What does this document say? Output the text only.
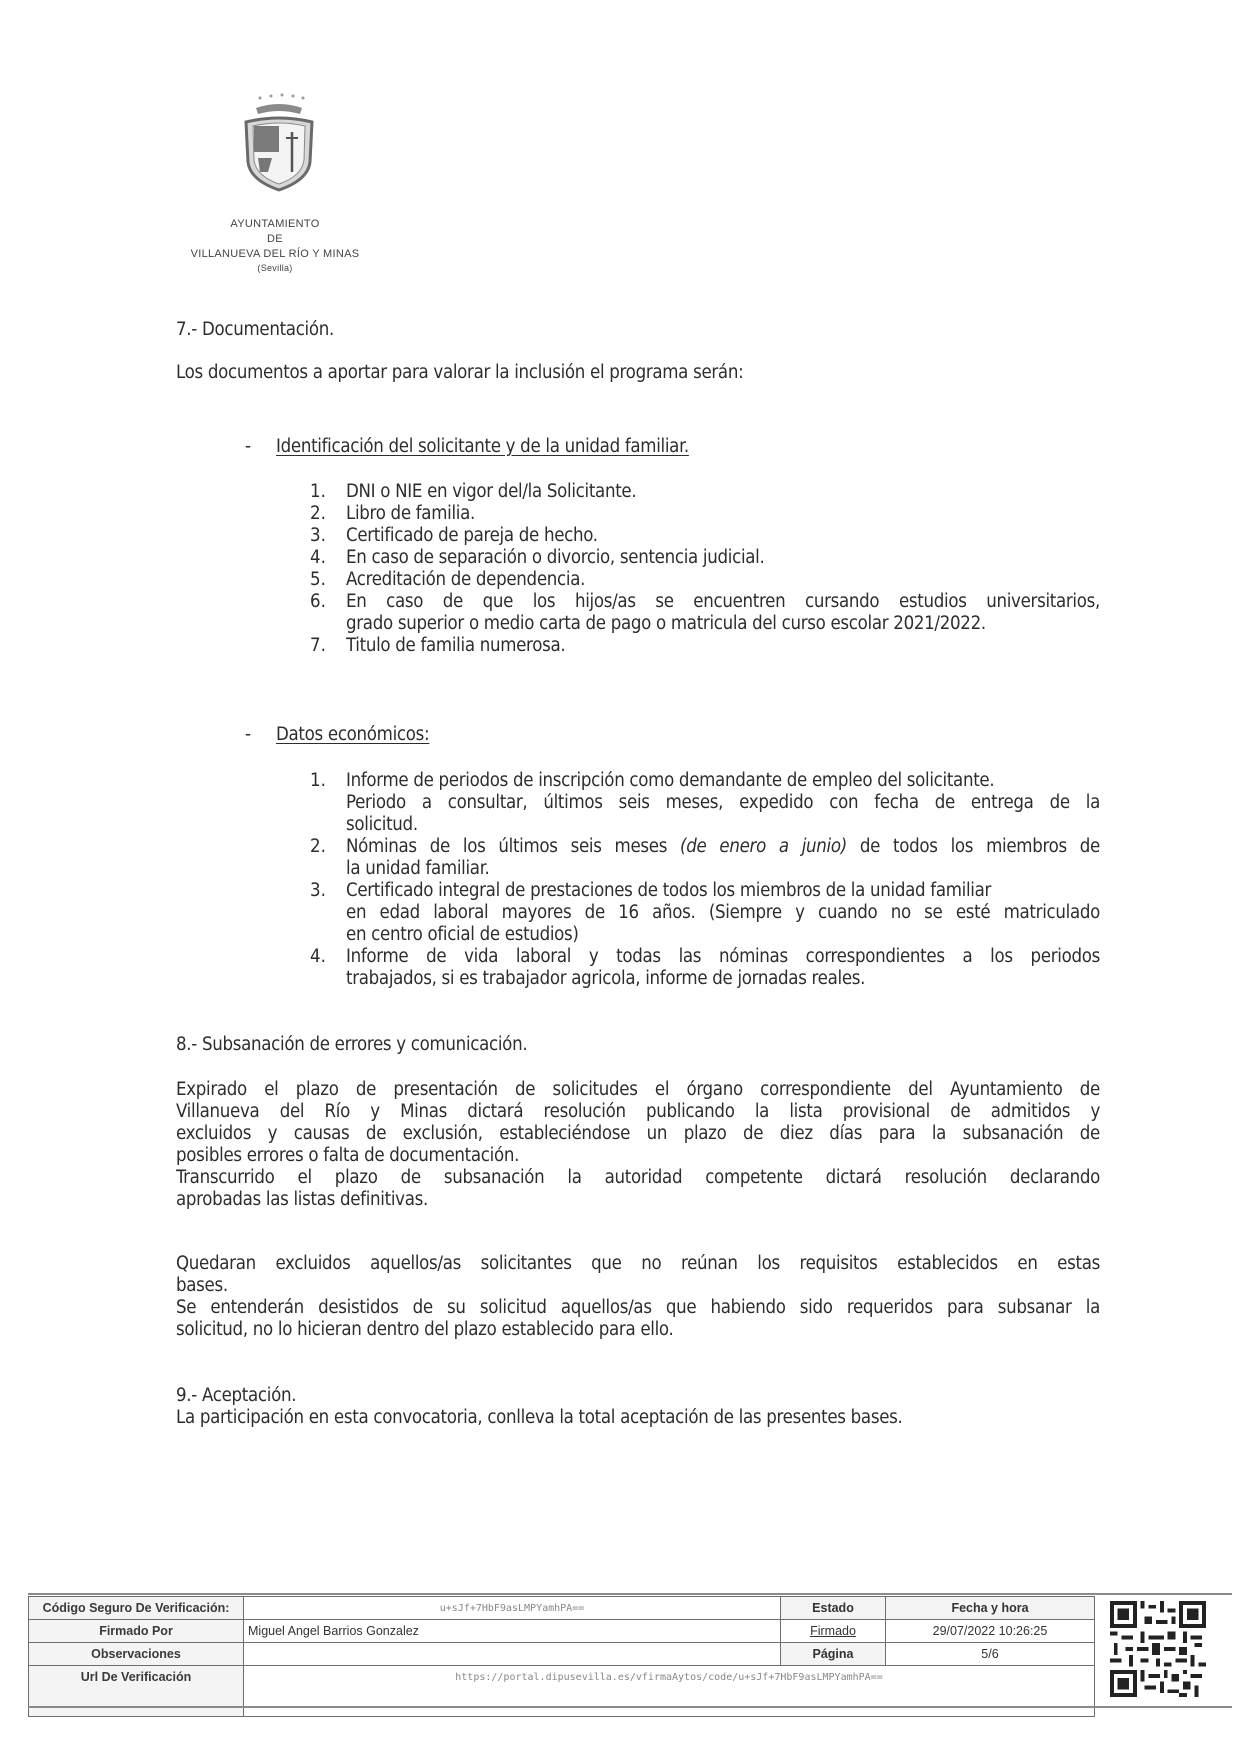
AYUNTAMIENTO
DE
VILLANUEVA DEL RÍO Y MINAS
(Sevilla)
7.- Documentación.
Los documentos a aportar para valorar la inclusión el programa serán:
- Identificación del solicitante y de la unidad familiar.
1. DNI o NIE en vigor del/la Solicitante.
2. Libro de familia.
3. Certificado de pareja de hecho.
4. En caso de separación o divorcio, sentencia judicial.
5. Acreditación de dependencia.
6. En caso de que los hijos/as se encuentren cursando estudios universitarios,
grado superior o medio carta de pago o matricula del curso escolar 2021/2022.
7. Titulo de familia numerosa.
- Datos económicos:
1. Informe de periodos de inscripción como demandante de empleo del solicitante.
Periodo a consultar, últimos seis meses, expedido con fecha de entrega de la
solicitud.
2. Nóminas de los últimos seis meses (de enero a junio) de todos los miembros de
la unidad familiar.
3. Certificado integral de prestaciones de todos los miembros de la unidad familiar
en edad laboral mayores de 16 años. (Siempre y cuando no se esté matriculado
en centro oficial de estudios)
4. Informe de vida laboral y todas las nóminas correspondientes a los periodos
trabajados, si es trabajador agricola, informe de jornadas reales.
8.- Subsanación de errores y comunicación.
Expirado el plazo de presentación de solicitudes el órgano correspondiente del Ayuntamiento de
Villanueva del Río y Minas dictará resolución publicando la lista provisional de admitidos y
excluidos y causas de exclusión, estableciéndose un plazo de diez días para la subsanación de
posibles errores o falta de documentación.
Transcurrido el plazo de subsanación la autoridad competente dictará resolución declarando
aprobadas las listas definitivas.
Quedaran excluidos aquellos/as solicitantes que no reúnan los requisitos establecidos en estas
bases.
Se entenderán desistidos de su solicitud aquellos/as que habiendo sido requeridos para subsanar la
solicitud, no lo hicieran dentro del plazo establecido para ello.
9.- Aceptación.
La participación en esta convocatoria, conlleva la total aceptación de las presentes bases.
Código Seguro De Verificación:	u+sJf+7HbF9asLMPYamhPA==	Estado	Fecha y hora
Firmado Por	Miguel Angel Barrios Gonzalez	Firmado	29/07/2022 10:26:25
Observaciones		Página	5/6
Url De Verificación	https://portal.dipusevilla.es/vfirmaAytos/code/u+sJf+7HbF9asLMPYamhPA==		
